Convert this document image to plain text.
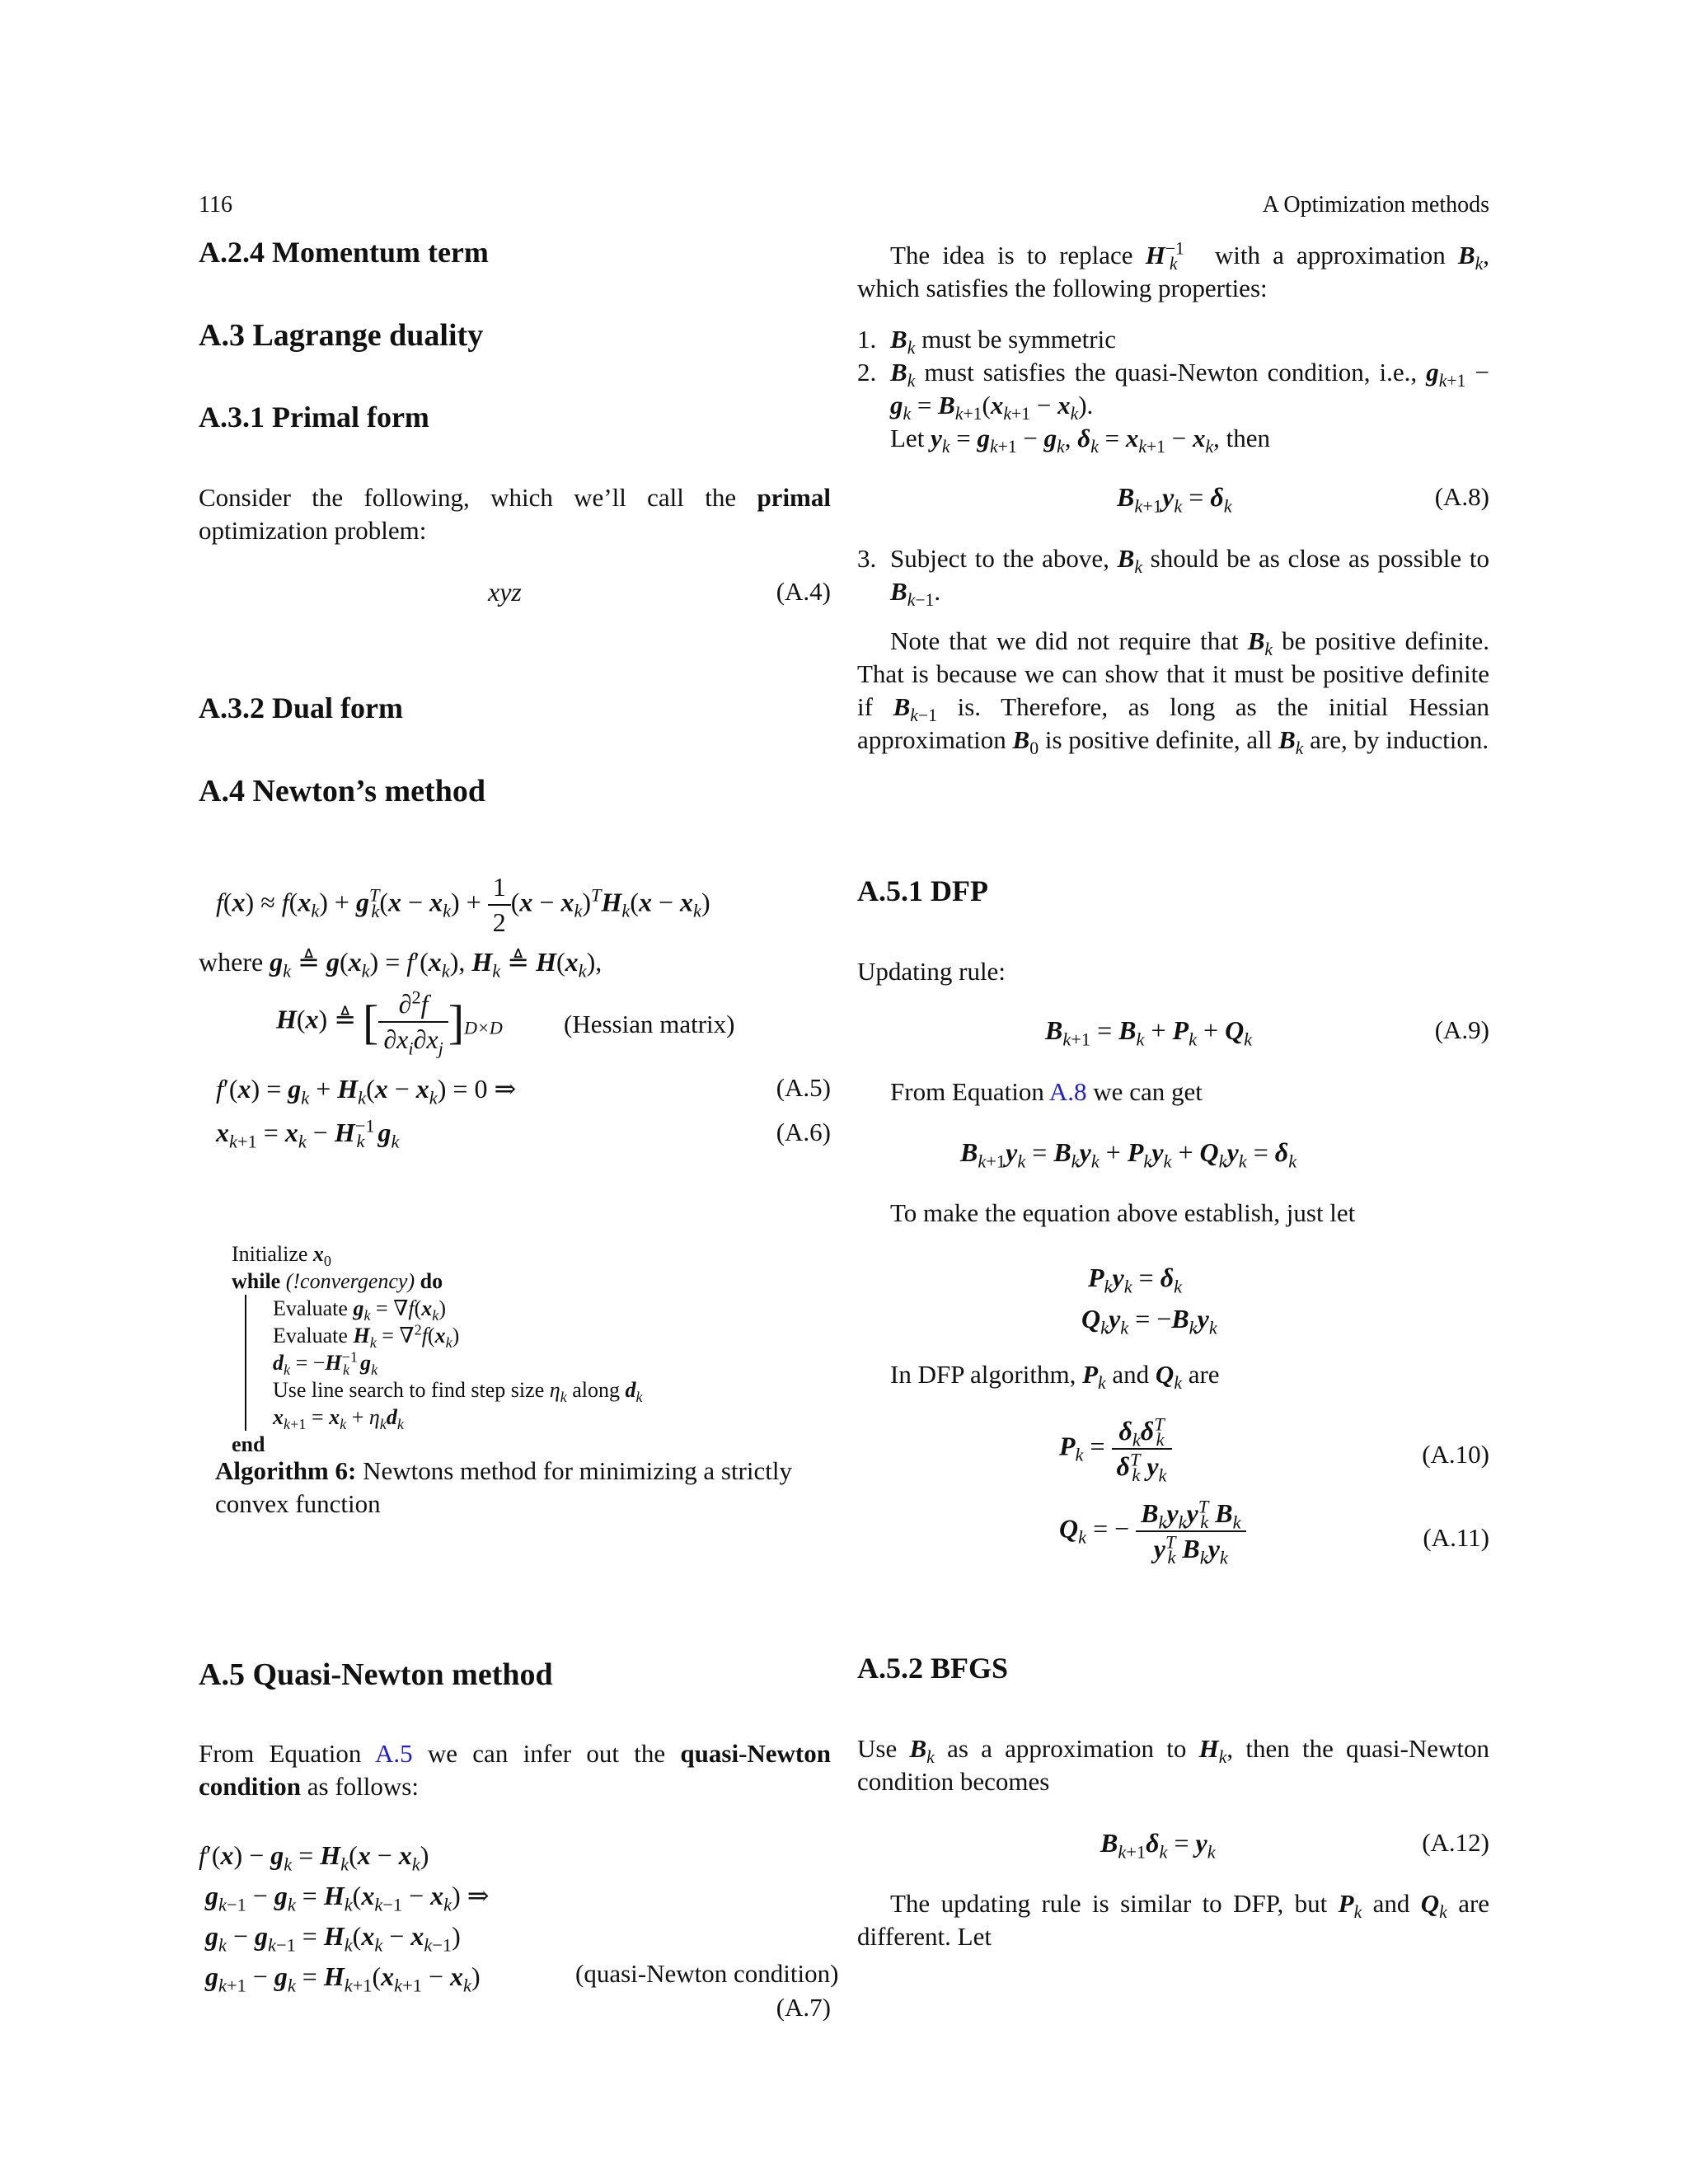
116	A Optimization methods
A.2.4 Momentum term
A.3 Lagrange duality
A.3.1 Primal form
Consider the following, which we’ll call the primal optimization problem:
xyz	(A.4)
A.3.2 Dual form
A.4 Newton’s method
$f(x) \approx f(x_k) + g^T_k(x - x_k) + \frac{1}{2} (x - x_k)^TH_k(x - x_k)$
where $g_k$ ≜ $g(x_k) = f'(x_k)$, $H_k$ ≜ $H(x_k)$,
H(x) ≜ [ $\frac{\partial^2f}{\partial x_i\partial x_j} ]_{D\times D}$ (Hessian matrix)
$f'(x) = g_k + H_k(x - x_k) = 0$ ⇒	(A.5)
$x_{k+1} = x_k - H^{-1}_k$ $g_k$	(A.6)
Initialize $x_0$
while (!convergency) do
Evaluate $g_k = \nabla f(x_k)$
Evaluate $H_k = \nabla^2f(x_k)$
$d_k = -H^{-1}_k$ $g_k$
Use line search to find step size $\eta_k$ along $d_k$
$x_{k+1} = x_k + \eta_kd_k$
end
Algorithm 6: Newtons method for minimizing a strictly convex function
A.5 Quasi-Newton method
From Equation A.5 we can infer out the quasi-Newton condition as follows:
$f'(x) - g_k = H_k(x - x_k)$
$g_{k-1} - g_k = H_k(x_{k-1} - x_k)$ ⇒
$g_k - g_{k-1} = H_k(x_k - x_{k-1})$
$g_{k+1} - g_k = H_{k+1}(x_{k+1} - x_k)$	(quasi-Newton condition)
(A.7)
The idea is to replace $H^{-1}_k$ with a approximation $B_k$, which satisfies the following properties:
1. $B_k$ must be symmetric
2. $B_k$ must satisfies the quasi-Newton condition, i.e., $g_{k+1} - g_k = B_{k+1}(x_{k+1} - x_k)$.
Let $y_k = g_{k+1} - g_k$, $\delta_k = x_{k+1} - x_k$, then
$B_{k+1}y_k = \delta_k$	(A.8)
3. Subject to the above, $B_k$ should be as close as possible to $B_{k-1}$.
Note that we did not require that $B_k$ be positive definite. That is because we can show that it must be positive definite if $B_{k-1}$ is. Therefore, as long as the initial Hessian approximation $B_0$ is positive definite, all $B_k$ are, by induction.
A.5.1 DFP
Updating rule:
$B_{k+1} = B_k + P_k + Q_k$	(A.9)
From Equation A.8 we can get
$B_{k+1}y_k = B_ky_k + P_ky_k + Q_ky_k = \delta_k$
To make the equation above establish, just let
$P_ky_k = \delta_k$
$Q_ky_k = -B_ky_k$
In DFP algorithm, $P_k$ and $Q_k$ are
$P_k = \frac{\delta_k\delta^T_k}{\delta^T_k y_k}$	(A.10)
$Q_k$ = − $\frac{B_ky_ky^T_k B_k}{y^T_k B_ky_k}$	(A.11)
A.5.2 BFGS
Use $B_k$ as a approximation to $H_k$, then the quasi-Newton condition becomes
$B_{k+1}\delta_k = y_k$	(A.12)
The updating rule is similar to DFP, but $P_k$ and $Q_k$ are different. Let
